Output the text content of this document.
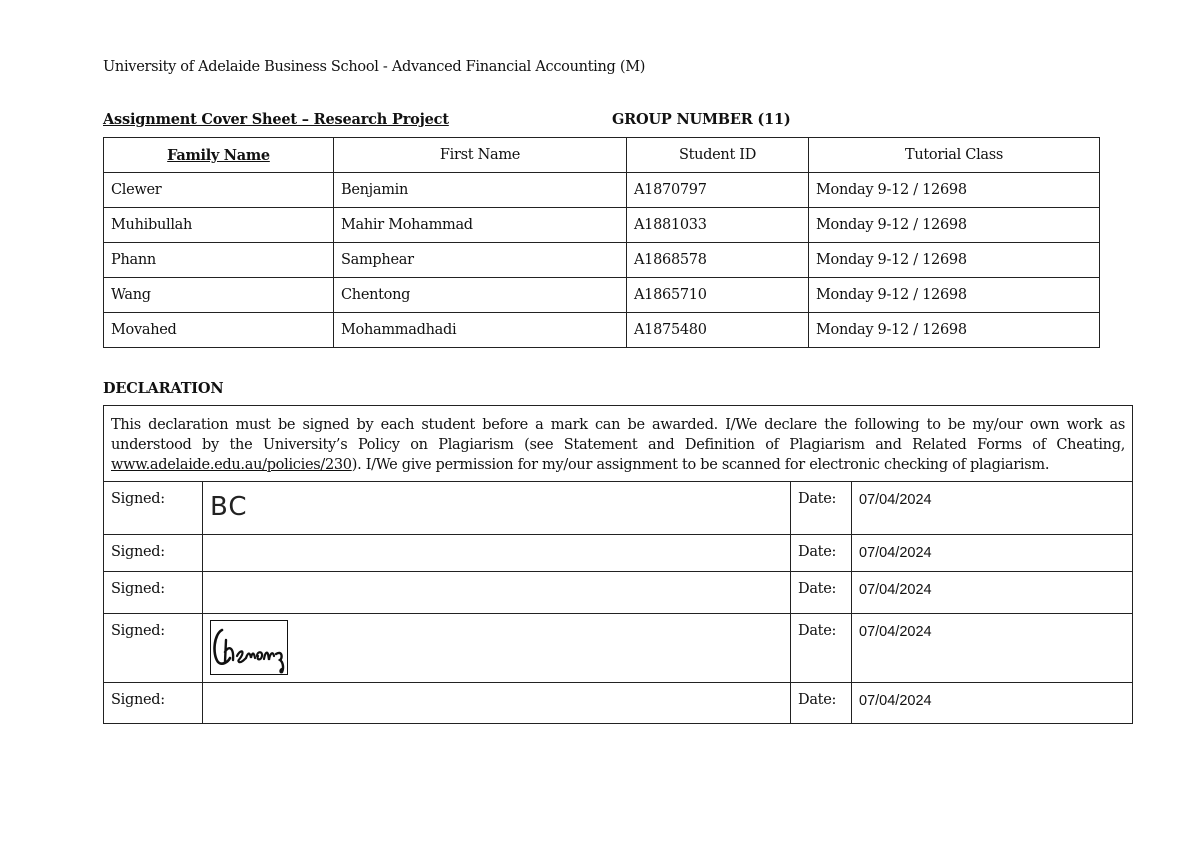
University of Adelaide Business School - Advanced Financial Accounting (M)
Assignment Cover Sheet – Research Project	GROUP NUMBER (11)
Family Name	First Name	Student ID	Tutorial Class
Clewer	Benjamin	A1870797	Monday 9-12 / 12698
Muhibullah	Mahir Mohammad	A1881033	Monday 9-12 / 12698
Phann	Samphear	A1868578	Monday 9-12 / 12698
Wang	Chentong	A1865710	Monday 9-12 / 12698
Movahed	Mohammadhadi	A1875480	Monday 9-12 / 12698
DECLARATION
This declaration must be signed by each student before a mark can be awarded. I/We declare the following to be my/our own work as understood by the University’s Policy on Plagiarism (see Statement and Definition of Plagiarism and Related Forms of Cheating, www.adelaide.edu.au/policies/230). I/We give permission for my/our assignment to be scanned for electronic checking of plagiarism.			
Signed:	BC	Date:	07/04/2024
Signed:		Date:	07/04/2024
Signed:		Date:	07/04/2024
Signed:		Date:	07/04/2024
Signed:		Date:	07/04/2024
